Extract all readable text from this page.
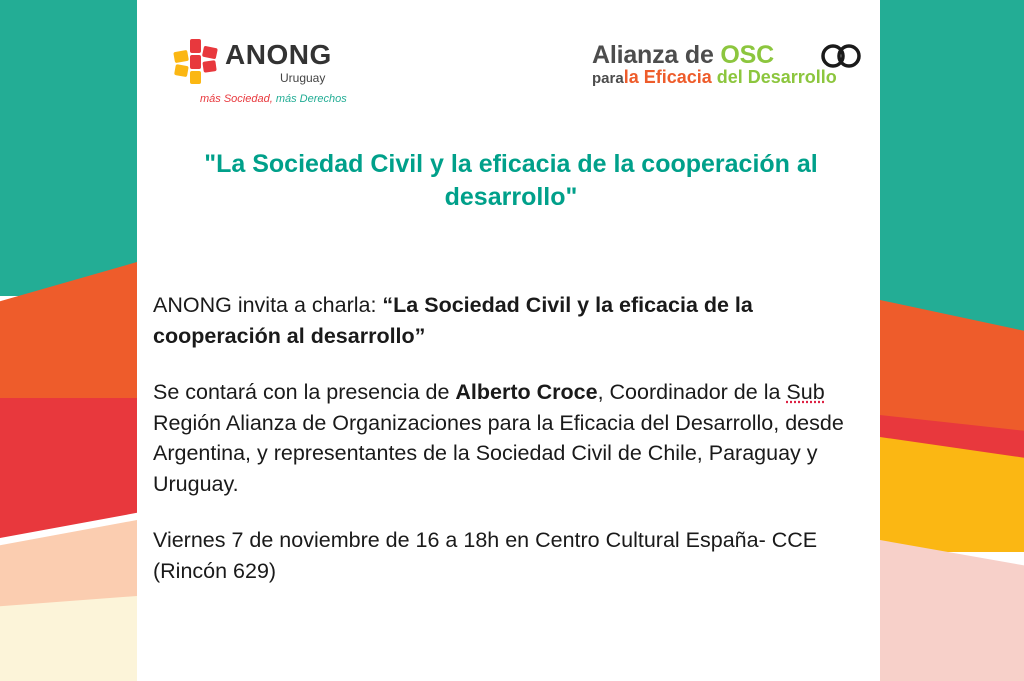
ANONG
Uruguay
más Sociedad, más Derechos
Alianza de OSC
parala Eficacia del Desarrollo
"La Sociedad Civil y la eficacia de la cooperación al desarrollo"
ANONG invita a charla: “La Sociedad Civil y la eficacia de la cooperación al desarrollo”
Se contará con la presencia de Alberto Croce, Coordinador de la Sub Región Alianza de Organizaciones para la Eficacia del Desarrollo, desde Argentina, y representantes de la Sociedad Civil de Chile, Paraguay y Uruguay.
Viernes 7 de noviembre de 16 a 18h en Centro Cultural España- CCE (Rincón 629)
